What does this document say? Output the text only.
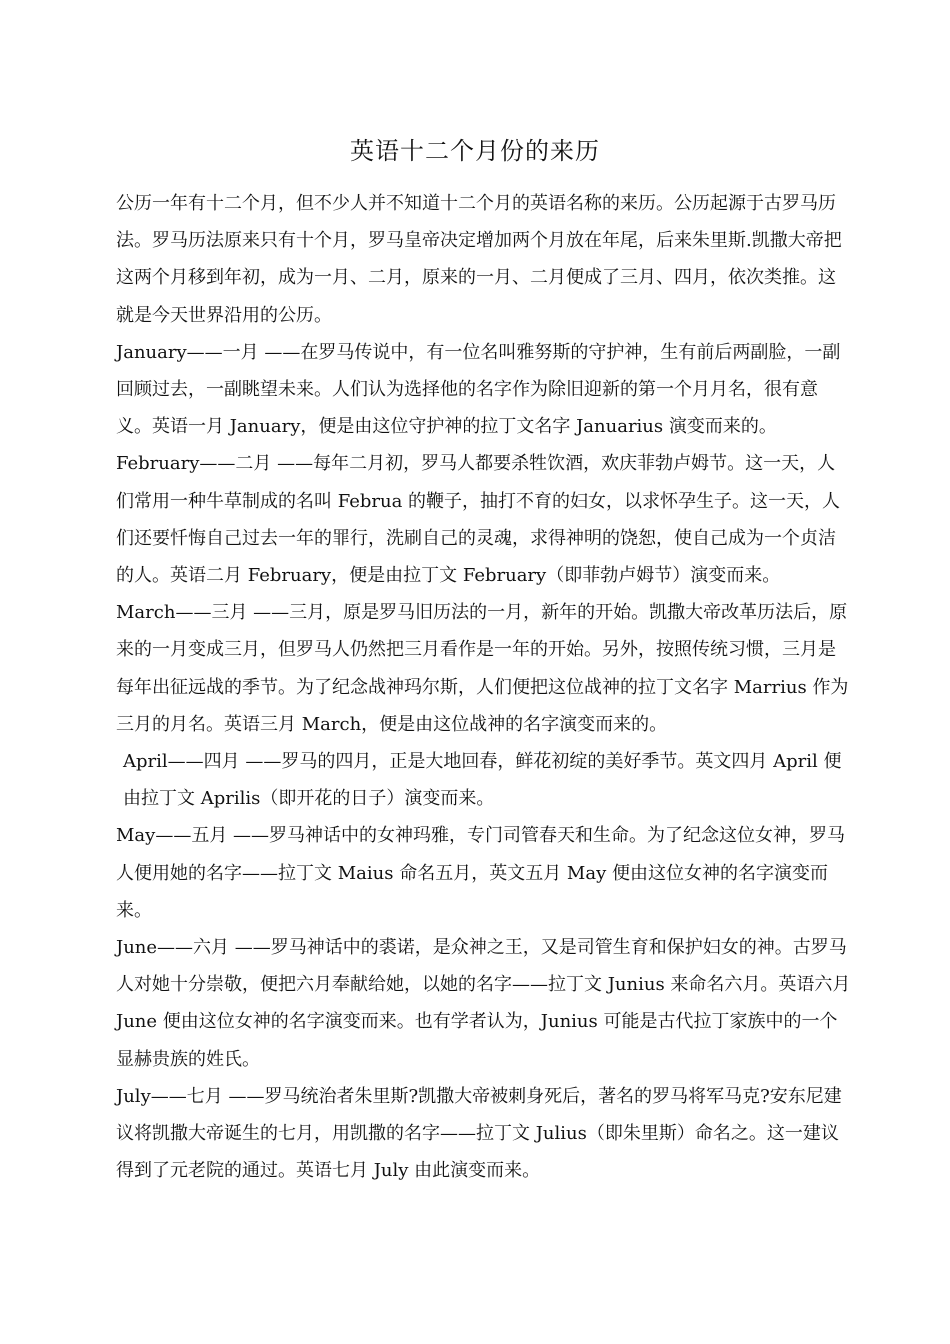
英语十二个月份的来历

公历一年有十二个月，但不少人并不知道十二个月的英语名称的来历。公历起源于古罗马历法。罗马历法原来只有十个月，罗马皇帝决定增加两个月放在年尾，后来朱里斯.凯撒大帝把这两个月移到年初，成为一月、二月，原来的一月、二月便成了三月、四月，依次类推。这就是今天世界沿用的公历。

January——一月 ——在罗马传说中，有一位名叫雅努斯的守护神，生有前后两副脸，一副回顾过去，一副眺望未来。人们认为选择他的名字作为除旧迎新的第一个月月名，很有意义。英语一月 January，便是由这位守护神的拉丁文名字 Januarius 演变而来的。

February——二月 ——每年二月初，罗马人都要杀牲饮酒，欢庆菲勃卢姆节。这一天，人们常用一种牛草制成的名叫 Februa 的鞭子，抽打不育的妇女，以求怀孕生子。这一天，人们还要忏悔自己过去一年的罪行，洗刷自己的灵魂，求得神明的饶恕，使自己成为一个贞洁的人。英语二月 February，便是由拉丁文 February（即菲勃卢姆节）演变而来。

March——三月 ——三月，原是罗马旧历法的一月，新年的开始。凯撒大帝改革历法后，原来的一月变成三月，但罗马人仍然把三月看作是一年的开始。另外，按照传统习惯，三月是每年出征远战的季节。为了纪念战神玛尔斯，人们便把这位战神的拉丁文名字 Marrius 作为三月的月名。英语三月 March，便是由这位战神的名字演变而来的。

April——四月 ——罗马的四月，正是大地回春，鲜花初绽的美好季节。英文四月 April 便由拉丁文 Aprilis（即开花的日子）演变而来。

May——五月 ——罗马神话中的女神玛雅，专门司管春天和生命。为了纪念这位女神，罗马人便用她的名字——拉丁文 Maius 命名五月，英文五月 May 便由这位女神的名字演变而来。

June——六月 ——罗马神话中的裘诺，是众神之王，又是司管生育和保护妇女的神。古罗马人对她十分崇敬，便把六月奉献给她，以她的名字——拉丁文 Junius 来命名六月。英语六月 June 便由这位女神的名字演变而来。也有学者认为，Junius 可能是古代拉丁家族中的一个显赫贵族的姓氏。

July——七月 ——罗马统治者朱里斯?凯撒大帝被刺身死后，著名的罗马将军马克?安东尼建议将凯撒大帝诞生的七月，用凯撒的名字——拉丁文 Julius（即朱里斯）命名之。这一建议得到了元老院的通过。英语七月 July 由此演变而来。
